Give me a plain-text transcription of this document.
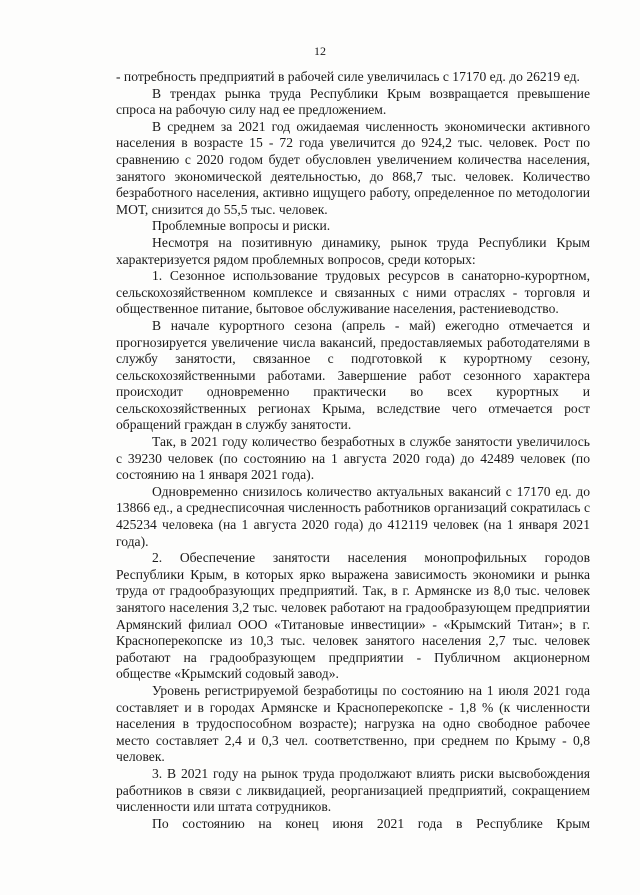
12

- потребность предприятий в рабочей силе увеличилась с 17170 ед. до 26219 ед.

В трендах рынка труда Республики Крым возвращается превышение спроса на рабочую силу над ее предложением.

В среднем за 2021 год ожидаемая численность экономически активного населения в возрасте 15 - 72 года увеличится до 924,2 тыс. человек. Рост по сравнению с 2020 годом будет обусловлен увеличением количества населения, занятого экономической деятельностью, до 868,7 тыс. человек. Количество безработного населения, активно ищущего работу, определенное по методологии МОТ, снизится до 55,5 тыс. человек.

Проблемные вопросы и риски.

Несмотря на позитивную динамику, рынок труда Республики Крым характеризуется рядом проблемных вопросов, среди которых:

1. Сезонное использование трудовых ресурсов в санаторно-курортном, сельскохозяйственном комплексе и связанных с ними отраслях - торговля и общественное питание, бытовое обслуживание населения, растениеводство.

В начале курортного сезона (апрель - май) ежегодно отмечается и прогнозируется увеличение числа вакансий, предоставляемых работодателями в службу занятости, связанное с подготовкой к курортному сезону, сельскохозяйственными работами. Завершение работ сезонного характера происходит одновременно практически во всех курортных и сельскохозяйственных регионах Крыма, вследствие чего отмечается рост обращений граждан в службу занятости.

Так, в 2021 году количество безработных в службе занятости увеличилось с 39230 человек (по состоянию на 1 августа 2020 года) до 42489 человек (по состоянию на 1 января 2021 года).

Одновременно снизилось количество актуальных вакансий с 17170 ед. до 13866 ед., а среднесписочная численность работников организаций сократилась с 425234 человека (на 1 августа 2020 года) до 412119 человек (на 1 января 2021 года).

2. Обеспечение занятости населения монопрофильных городов Республики Крым, в которых ярко выражена зависимость экономики и рынка труда от градообразующих предприятий. Так, в г. Армянске из 8,0 тыс. человек занятого населения 3,2 тыс. человек работают на градообразующем предприятии Армянский филиал ООО «Титановые инвестиции» - «Крымский Титан»; в г. Красноперекопске из 10,3 тыс. человек занятого населения 2,7 тыс. человек работают на градообразующем предприятии - Публичном акционерном обществе «Крымский содовый завод».

Уровень регистрируемой безработицы по состоянию на 1 июля 2021 года составляет и в городах Армянске и Красноперекопске - 1,8 % (к численности населения в трудоспособном возрасте); нагрузка на одно свободное рабочее место составляет 2,4 и 0,3 чел. соответственно, при среднем по Крыму - 0,8 человек.

3. В 2021 году на рынок труда продолжают влиять риски высвобождения работников в связи с ликвидацией, реорганизацией предприятий, сокращением численности или штата сотрудников.

По состоянию на конец июня 2021 года в Республике Крым
